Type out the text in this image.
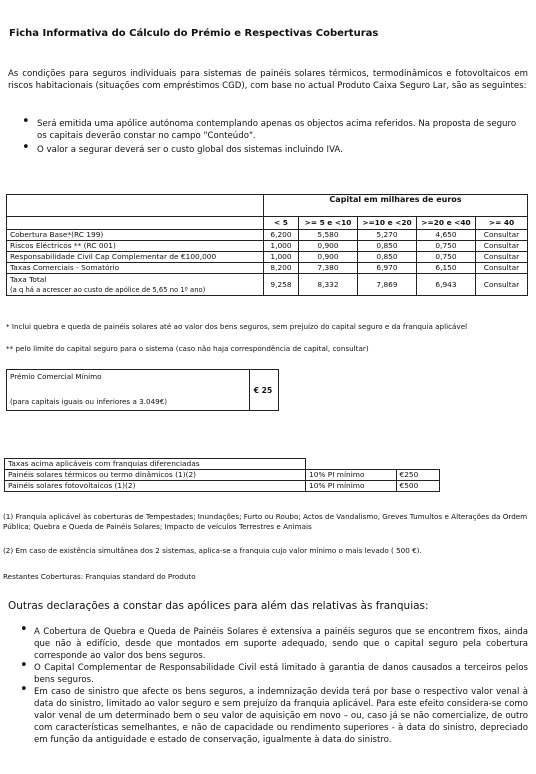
Ficha Informativa do Cálculo do Prémio e Respectivas Coberturas
As condições para seguros individuais para sistemas de painéis solares térmicos, termodinâmicos e fotovoltaicos em riscos habitacionais (situações com empréstimos CGD), com base no actual Produto Caixa Seguro Lar, são as seguintes:
• Será emitida uma apólice autónoma contemplando apenas os objectos acima referidos. Na proposta de seguro os capitais deverão constar no campo "Conteúdo".
• O valor a segurar deverá ser o custo global dos sistemas incluindo IVA.
	Capital em milhares de euros				
	< 5	>= 5 e <10	>=10 e <20	>=20 e <40	>= 40
Cobertura Base*(RC 199)	6,200	5,580	5,270	4,650	Consultar
Riscos Eléctricos ** (RC 001)	1,000	0,900	0,850	0,750	Consultar
Responsabilidade Civil Cap Complementar de €100,000	1,000	0,900	0,850	0,750	Consultar
Taxas Comerciais - Somatório	8,200	7,380	6,970	6,150	Consultar

Taxa Total
(a q há a acrescer ao custo de apólice de 5,65 no 1º ano)	9,258	8,332	7,869	6,943	Consultar
* Inclui quebra e queda de painéis solares até ao valor dos bens seguros, sem prejuízo do capital seguro e da franquia aplicável
** pelo limite do capital seguro para o sistema (caso não haja correspondência de capital, consultar)
Prémio Comercial Mínimo
(para capitais iguais ou inferiores a 3.049€)
€ 25
Taxas acima aplicáveis com franquias diferenciadas		
Painéis solares térmicos ou termo dinâmicos (1)(2)	10% PI mínimo	€250
Painéis solares fotovoltaicos (1)(2)	10% PI mínimo	€500
(1) Franquia aplicável às coberturas de Tempestades; Inundações; Furto ou Roubo; Actos de Vandalismo, Greves Tumultos e Alterações da Ordem Pública; Quebra e Queda de Painéis Solares; Impacto de veículos Terrestres e Animais
(2) Em caso de existência simultânea dos 2 sistemas, aplica-se a franquia cujo valor mínimo o mais levado ( 500 €).
Restantes Coberturas: Franquias standard do Produto
Outras declarações a constar das apólices para além das relativas às franquias:
• A Cobertura de Quebra e Queda de Painéis Solares é extensiva a painéis seguros que se encontrem fixos, ainda que não à edifício, desde que montados em suporte adequado, sendo que o capital seguro pela cobertura corresponde ao valor dos bens seguros.
• O Capital Complementar de Responsabilidade Civil está limitado à garantia de danos causados a terceiros pelos bens seguros.
• Em caso de sinistro que afecte os bens seguros, a indemnização devida terá por base o respectivo valor venal à data do sinistro, limitado ao valor seguro e sem prejuízo da franquia aplicável. Para este efeito considera-se como valor venal de um determinado bem o seu valor de aquisição em novo – ou, caso já se não comercialize, de outro com características semelhantes, e não de capacidade ou rendimento superiores - à data do sinistro, depreciado em função da antiguidade e estado de conservação, igualmente à data do sinistro.
